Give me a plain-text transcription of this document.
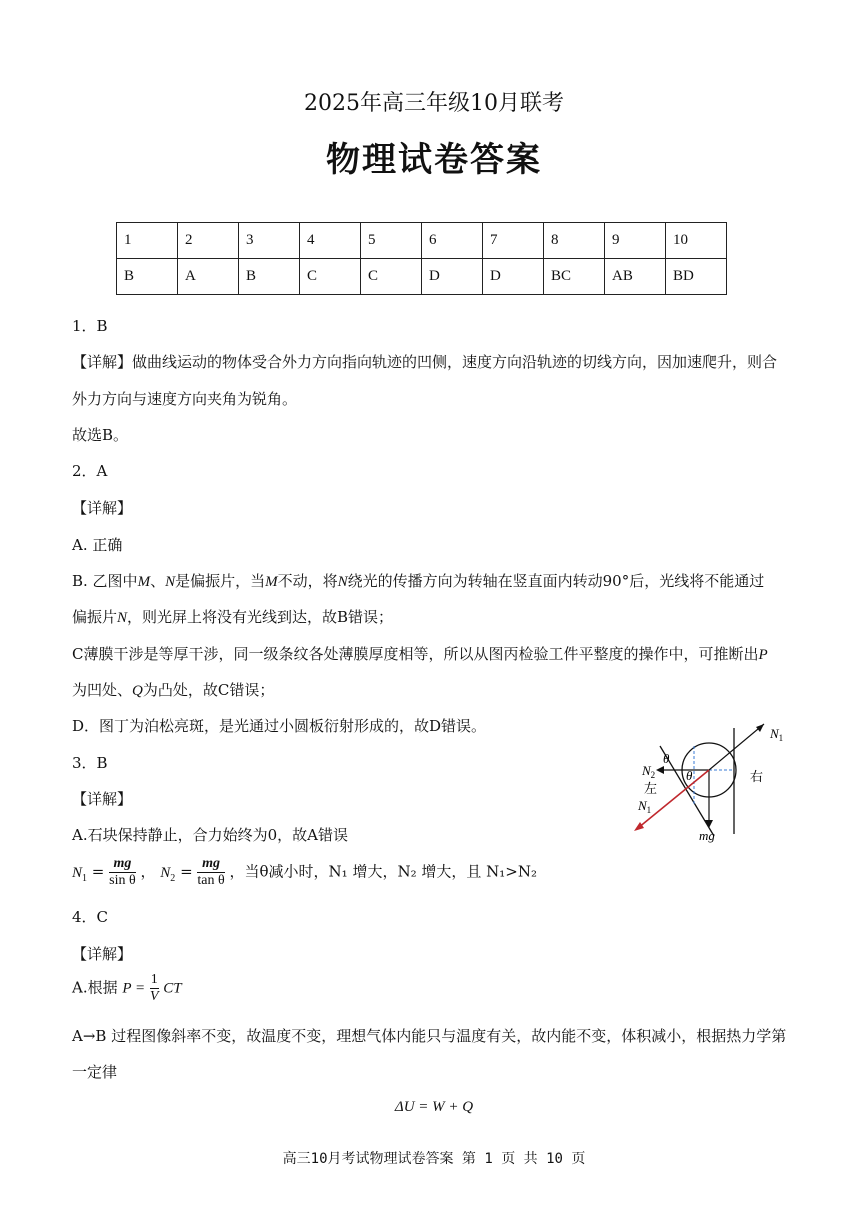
2025年高三年级10月联考
物理试卷答案
1	2	3	4	5	6	7	8	9	10
B	A	B	C	C	D	D	BC	AB	BD
1．B
【详解】做曲线运动的物体受合外力方向指向轨迹的凹侧，速度方向沿轨迹的切线方向，因加速爬升，则合
外力方向与速度方向夹角为锐角。
故选B。
2．A
【详解】
A. 正确
B. 乙图中M、N是偏振片，当M不动，将N绕光的传播方向为转轴在竖直面内转动90°后，光线将不能通过
偏振片N，则光屏上将没有光线到达，故B错误；
C薄膜干涉是等厚干涉，同一级条纹各处薄膜厚度相等，所以从图丙检验工件平整度的操作中，可推断出P
为凹处、Q为凸处，故C错误；
D．图丁为泊松亮斑，是光通过小圆板衍射形成的，故D错误。
3．B
【详解】
A.石块保持静止，合力始终为0，故A错误
$N_1 = \frac{mg}{\text{sin θ}}$ ， $N_2 = \frac{mg}{\text{tan θ}}$ ，当θ减小时，N₁ 增大，N₂ 增大，且 N₁>N₂
$N_1$
$N_2$
左
右
$N_1$
θ
θ
mg
4．C
【详解】
A.根据 $P = \frac{1}{V}$ CT
A→B 过程图像斜率不变，故温度不变，理想气体内能只与温度有关，故内能不变，体积减小，根据热力学第
一定律
ΔU = W + Q
高三10月考试物理试卷答案 第 1 页 共 10 页
